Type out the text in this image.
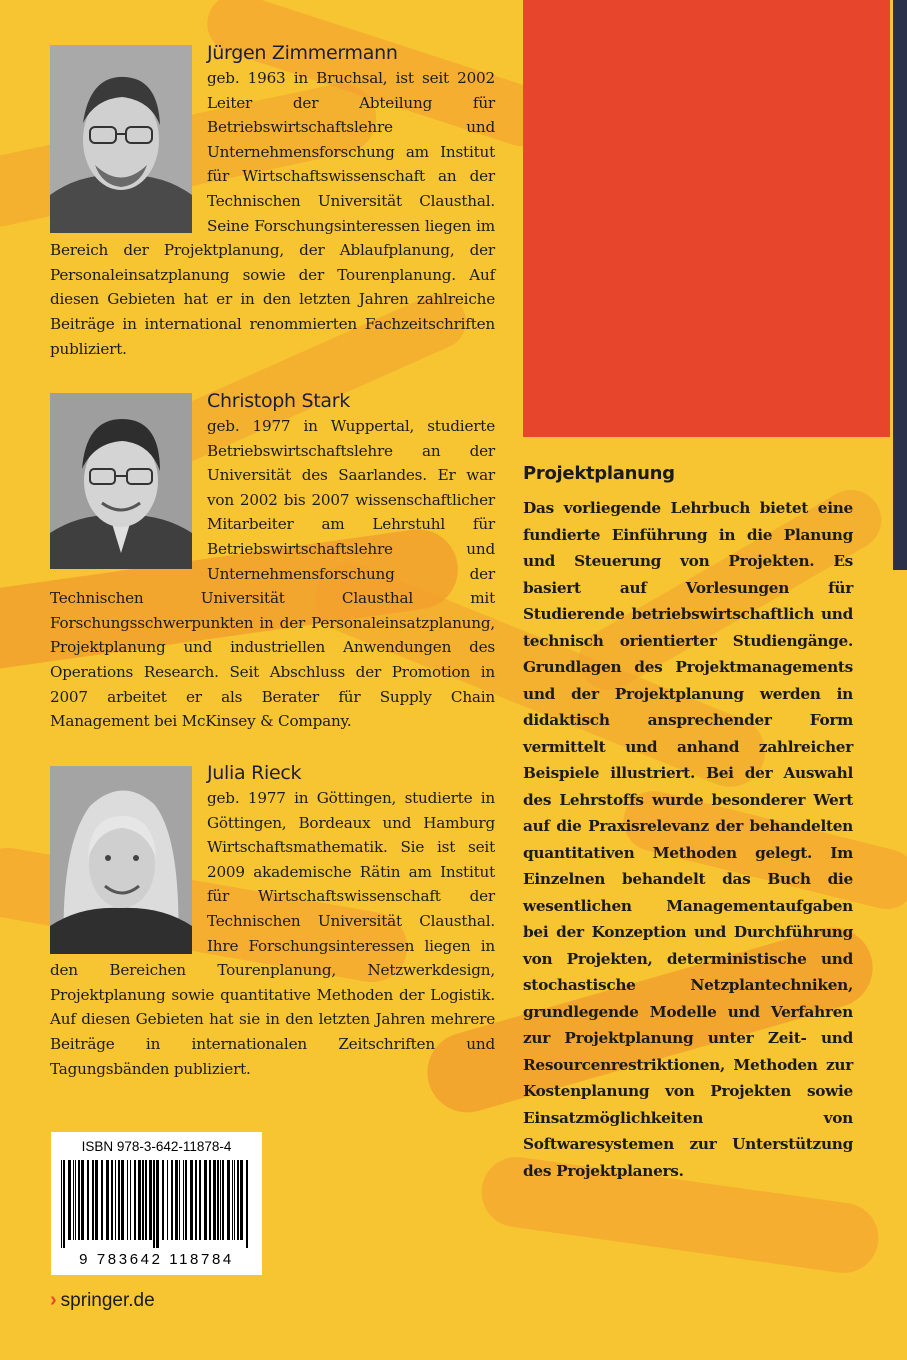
Jürgen Zimmermann
geb. 1963 in Bruchsal, ist seit 2002 Leiter der Abteilung für Betriebswirtschaftslehre und Unternehmensforschung am Institut für Wirtschaftswissenschaft an der Technischen Universität Clausthal. Seine Forschungsinteressen liegen im Bereich der Projektplanung, der Ablaufplanung, der Personaleinsatzplanung sowie der Tourenplanung. Auf diesen Gebieten hat er in den letzten Jahren zahlreiche Beiträge in international renommierten Fachzeitschriften publiziert.
Christoph Stark
geb. 1977 in Wuppertal, studierte Betriebswirtschaftslehre an der Universität des Saarlandes. Er war von 2002 bis 2007 wissenschaftlicher Mitarbeiter am Lehrstuhl für Betriebswirtschaftslehre und Unternehmensforschung der Technischen Universität Clausthal mit Forschungsschwerpunkten in der Personaleinsatzplanung, Projektplanung und industriellen Anwendungen des Operations Research. Seit Abschluss der Promotion in 2007 arbeitet er als Berater für Supply Chain Management bei McKinsey & Company.
Julia Rieck
geb. 1977 in Göttingen, studierte in Göttingen, Bordeaux und Hamburg Wirtschaftsmathematik. Sie ist seit 2009 akademische Rätin am Institut für Wirtschaftswissenschaft der Technischen Universität Clausthal. Ihre Forschungsinteressen liegen in den Bereichen Tourenplanung, Netzwerkdesign, Projektplanung sowie quantitative Methoden der Logistik. Auf diesen Gebieten hat sie in den letzten Jahren mehrere Beiträge in internationalen Zeitschriften und Tagungsbänden publiziert.
Projektplanung
Das vorliegende Lehrbuch bietet eine fundierte Einführung in die Planung und Steuerung von Projekten. Es basiert auf Vorlesungen für Studierende betriebswirtschaftlich und technisch orientierter Studiengänge. Grundlagen des Projektmanagements und der Projektplanung werden in didaktisch ansprechender Form vermittelt und anhand zahlreicher Beispiele illustriert. Bei der Auswahl des Lehrstoffs wurde besonderer Wert auf die Praxisrelevanz der behandelten quantitativen Methoden gelegt. Im Einzelnen behandelt das Buch die wesentlichen Managementaufgaben bei der Konzeption und Durchführung von Projekten, deterministische und stochastische Netzplantechniken, grundlegende Modelle und Verfahren zur Projektplanung unter Zeit- und Resourcenrestriktionen, Methoden zur Kostenplanung von Projekten sowie Einsatzmöglichkeiten von Softwaresystemen zur Unterstützung des Projektplaners.
ISBN 978-3-642-11878-4
9 783642 118784
› springer.de
